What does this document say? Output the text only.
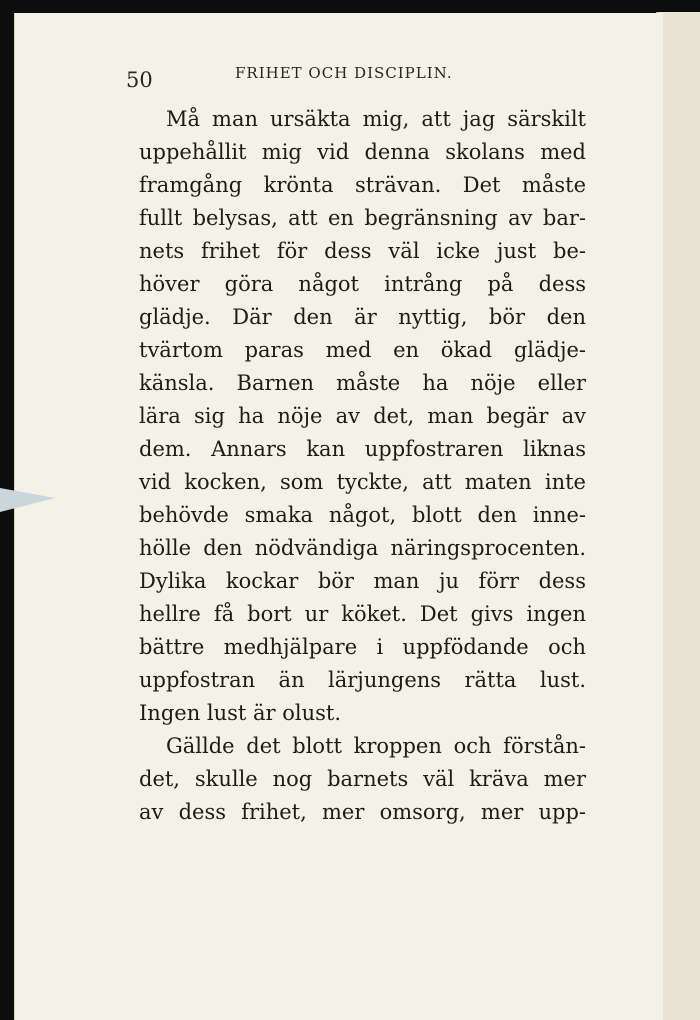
50	FRIHET OCH DISCIPLIN.
Må man ursäkta mig, att jag särskilt
uppehållit mig vid denna skolans med
framgång krönta strävan. Det måste
fullt belysas, att en begränsning av bar-
nets frihet för dess väl icke just be-
höver göra något intrång på dess
glädje. Där den är nyttig, bör den
tvärtom paras med en ökad glädje-
känsla. Barnen måste ha nöje eller
lära sig ha nöje av det, man begär av
dem. Annars kan uppfostraren liknas
vid kocken, som tyckte, att maten inte
behövde smaka något, blott den inne-
hölle den nödvändiga näringsprocenten.
Dylika kockar bör man ju förr dess
hellre få bort ur köket. Det givs ingen
bättre medhjälpare i uppfödande och
uppfostran än lärjungens rätta lust.
Ingen lust är olust.
Gällde det blott kroppen och förstån-
det, skulle nog barnets väl kräva mer
av dess frihet, mer omsorg, mer upp-
